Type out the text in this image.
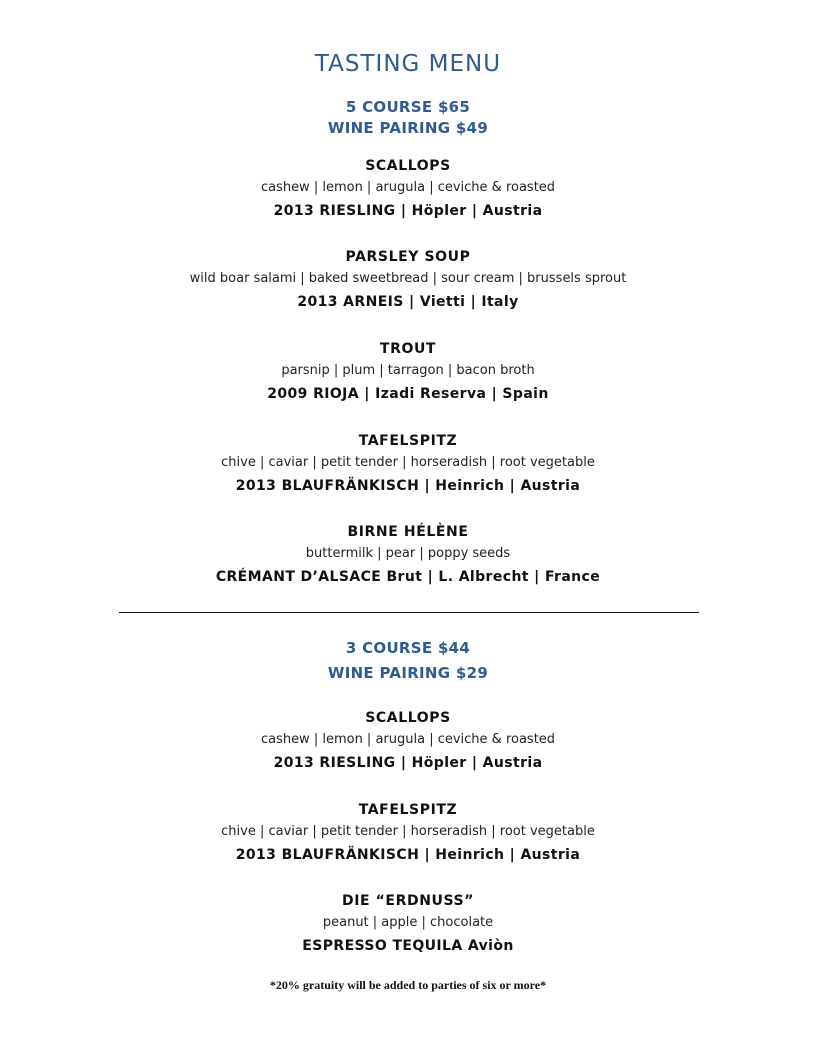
TASTING MENU
5 COURSE $65
WINE PAIRING $49
SCALLOPS
cashew | lemon | arugula | ceviche & roasted
2013 RIESLING | Höpler | Austria
PARSLEY SOUP
wild boar salami | baked sweetbread | sour cream | brussels sprout
2013 ARNEIS | Vietti | Italy
TROUT
parsnip | plum | tarragon | bacon broth
2009 RIOJA | Izadi Reserva | Spain
TAFELSPITZ
chive | caviar | petit tender | horseradish | root vegetable
2013 BLAUFRÄNKISCH | Heinrich | Austria
BIRNE HÉLÈNE
buttermilk | pear | poppy seeds
CRÉMANT D’ALSACE Brut | L. Albrecht | France
3 COURSE $44
WINE PAIRING $29
SCALLOPS
cashew | lemon | arugula | ceviche & roasted
2013 RIESLING | Höpler | Austria
TAFELSPITZ
chive | caviar | petit tender | horseradish | root vegetable
2013 BLAUFRÄNKISCH | Heinrich | Austria
DIE “ERDNUSS”
peanut | apple | chocolate
ESPRESSO TEQUILA Aviòn
*20% gratuity will be added to parties of six or more*
